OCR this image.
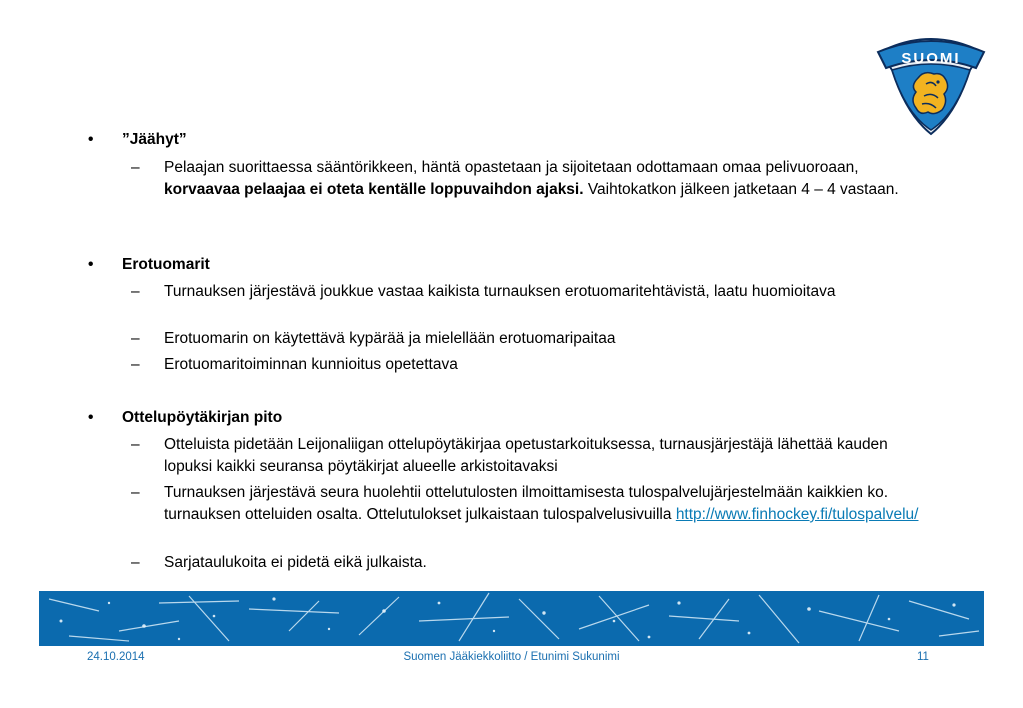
SUOMI
• ”Jäähyt”
– Pelaajan suorittaessa sääntörikkeen, häntä opastetaan ja sijoitetaan odottamaan omaa pelivuoroaan, korvaavaa pelaajaa ei oteta kentälle loppuvaihdon ajaksi. Vaihtokatkon jälkeen jatketaan 4 – 4 vastaan.
• Erotuomarit
– Turnauksen järjestävä joukkue vastaa kaikista turnauksen erotuomaritehtävistä, laatu huomioitava
– Erotuomarin on käytettävä kypärää ja mielellään erotuomaripaitaa
– Erotuomaritoiminnan kunnioitus opetettava
• Ottelupöytäkirjan pito
– Otteluista pidetään Leijonaliigan ottelupöytäkirjaa opetustarkoituksessa, turnausjärjestäjä lähettää kauden lopuksi kaikki seuransa pöytäkirjat alueelle arkistoitavaksi
– Turnauksen järjestävä seura huolehtii ottelutulosten ilmoittamisesta tulospalvelujärjestelmään kaikkien ko. turnauksen otteluiden osalta. Ottelutulokset julkaistaan tulospalvelusivuilla http://www.finhockey.fi/tulospalvelu/
– Sarjataulukoita ei pidetä eikä julkaista.
24.10.2014	Suomen Jääkiekkoliitto / Etunimi Sukunimi	11
